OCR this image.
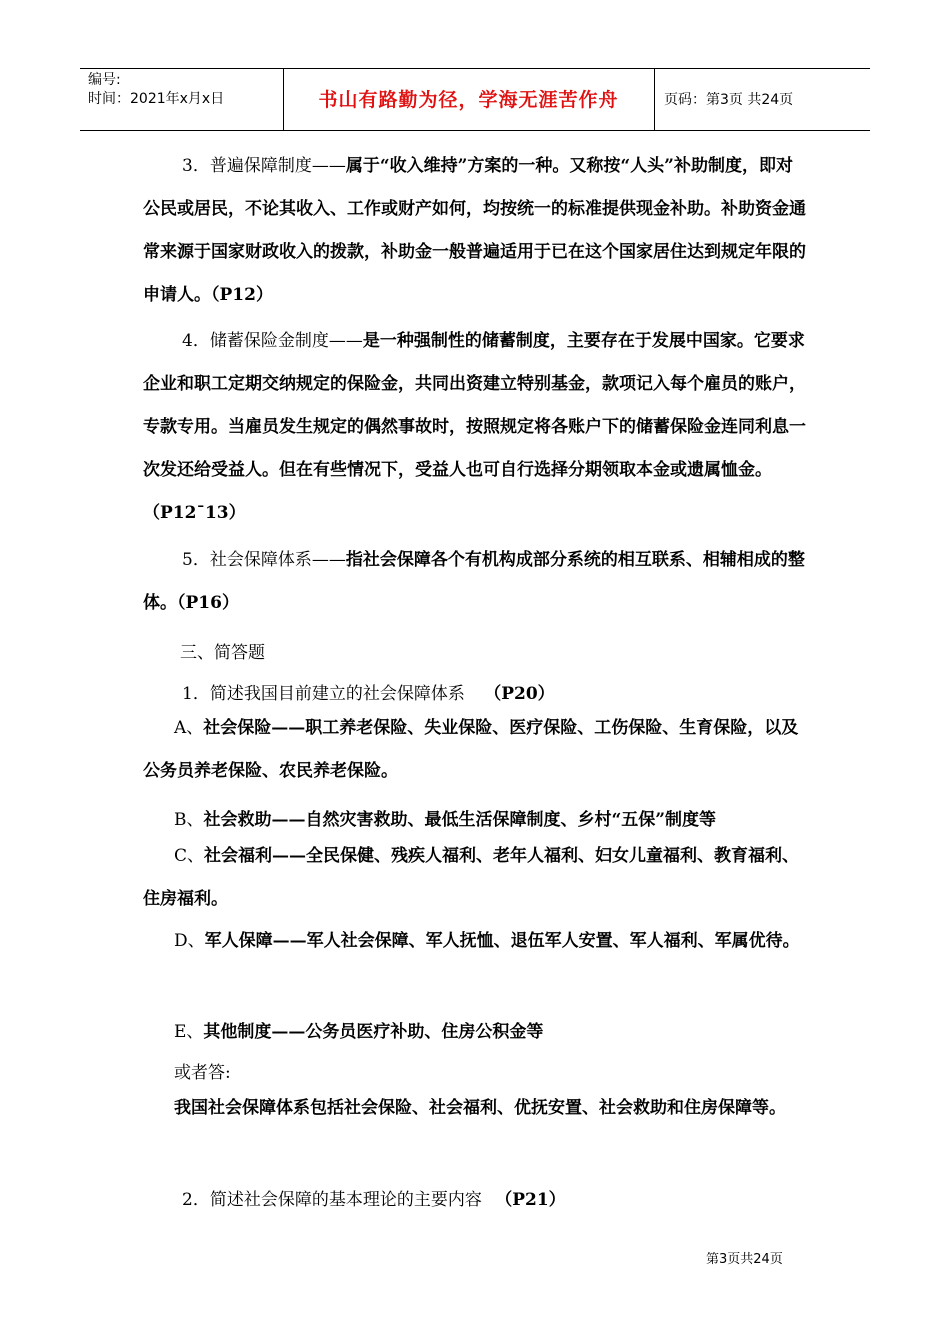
编号:
时间：2021年x月x日	书山有路勤为径，学海无涯苦作舟	页码：第3页 共24页
3．普遍保障制度——属于“收入维持”方案的一种。又称按“人头”补助制度，即对公民或居民，不论其收入、工作或财产如何，均按统一的标准提供现金补助。补助资金通常来源于国家财政收入的拨款，补助金一般普遍适用于已在这个国家居住达到规定年限的申请人。（P12）
4．储蓄保险金制度——是一种强制性的储蓄制度，主要存在于发展中国家。它要求企业和职工定期交纳规定的保险金，共同出资建立特别基金，款项记入每个雇员的账户，专款专用。当雇员发生规定的偶然事故时，按照规定将各账户下的储蓄保险金连同利息一次发还给受益人。但在有些情况下，受益人也可自行选择分期领取本金或遗属恤金。（P12¯13）
5．社会保障体系——指社会保障各个有机构成部分系统的相互联系、相辅相成的整体。（P16）
三、简答题
1．简述我国目前建立的社会保障体系 （P20）
A、社会保险——职工养老保险、失业保险、医疗保险、工伤保险、生育保险，以及公务员养老保险、农民养老保险。
B、社会救助——自然灾害救助、最低生活保障制度、乡村“五保”制度等
C、社会福利——全民保健、残疾人福利、老年人福利、妇女儿童福利、教育福利、住房福利。
D、军人保障——军人社会保障、军人抚恤、退伍军人安置、军人福利、军属优待。
E、其他制度——公务员医疗补助、住房公积金等
或者答:
我国社会保障体系包括社会保险、社会福利、优抚安置、社会救助和住房保障等。
2．简述社会保障的基本理论的主要内容 （P21）
第3页共24页
